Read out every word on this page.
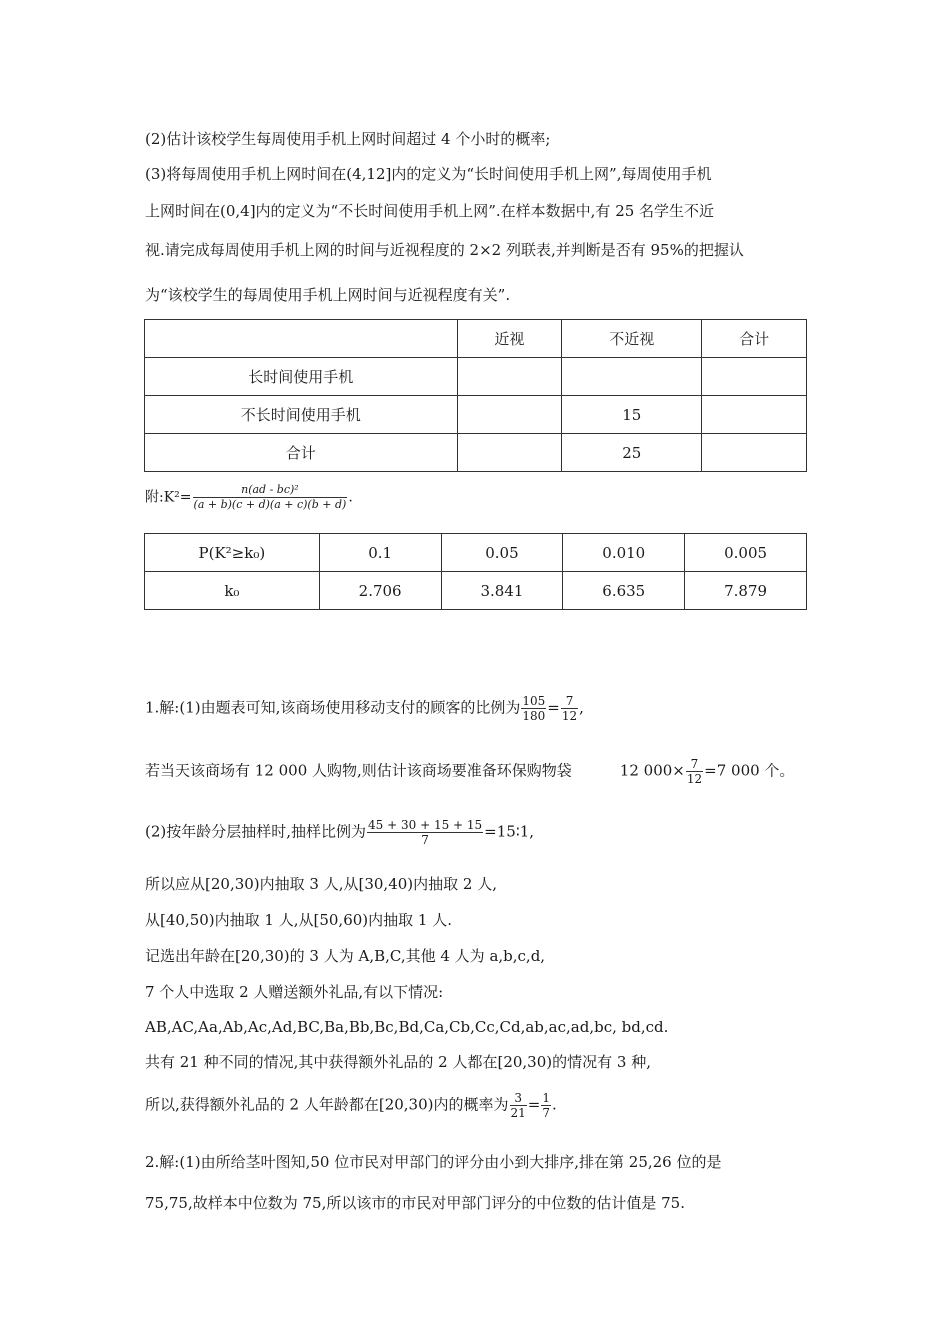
(2)估计该校学生每周使用手机上网时间超过 4 个小时的概率;
(3)将每周使用手机上网时间在(4,12]内的定义为“长时间使用手机上网”,每周使用手机
上网时间在(0,4]内的定义为“不长时间使用手机上网”.在样本数据中,有 25 名学生不近
视.请完成每周使用手机上网的时间与近视程度的 2×2 列联表,并判断是否有 95%的把握认
为“该校学生的每周使用手机上网时间与近视程度有关”.
	近视	不近视	合计
长时间使用手机			
不长时间使用手机		15	
合计		25	
附:K²= $\frac{\text{n(ad - bc)²}}{(a + b)(c + d)(a + c)(b + d)}$ .
P(K²≥k₀)	0.1	0.05	0.010	0.005
k₀	2.706	3.841	6.635	7.879
1.解:(1)由题表可知,该商场使用移动支付的顾客的比例为 $\frac{105}{180} = \frac{7}{12}$ ,
若当天该商场有 12 000 人购物,则估计该商场要准备环保购物袋	12 $000\times \frac{7}{12} =7$ 000 个。
(2)按年龄分层抽样时,抽样比例为 $\frac{45 + 30 + 15 + 15}{7}$ =15∶1,
所以应从[20,30)内抽取 3 人,从[30,40)内抽取 2 人,
从[40,50)内抽取 1 人,从[50,60)内抽取 1 人.
记选出年龄在[20,30)的 3 人为 A,B,C,其他 4 人为 a,b,c,d,
7 个人中选取 2 人赠送额外礼品,有以下情况:
AB,AC,Aa,Ab,Ac,Ad,BC,Ba,Bb,Bc,Bd,Ca,Cb,Cc,Cd,ab,ac,ad,bc, bd,cd.
共有 21 种不同的情况,其中获得额外礼品的 2 人都在[20,30)的情况有 3 种,
所以,获得额外礼品的 2 人年龄都在[20,30)内的概率为 $\frac{3}{21} = \frac{1}{7}$ .
2.解:(1)由所给茎叶图知,50 位市民对甲部门的评分由小到大排序,排在第 25,26 位的是
75,75,故样本中位数为 75,所以该市的市民对甲部门评分的中位数的估计值是 75.
